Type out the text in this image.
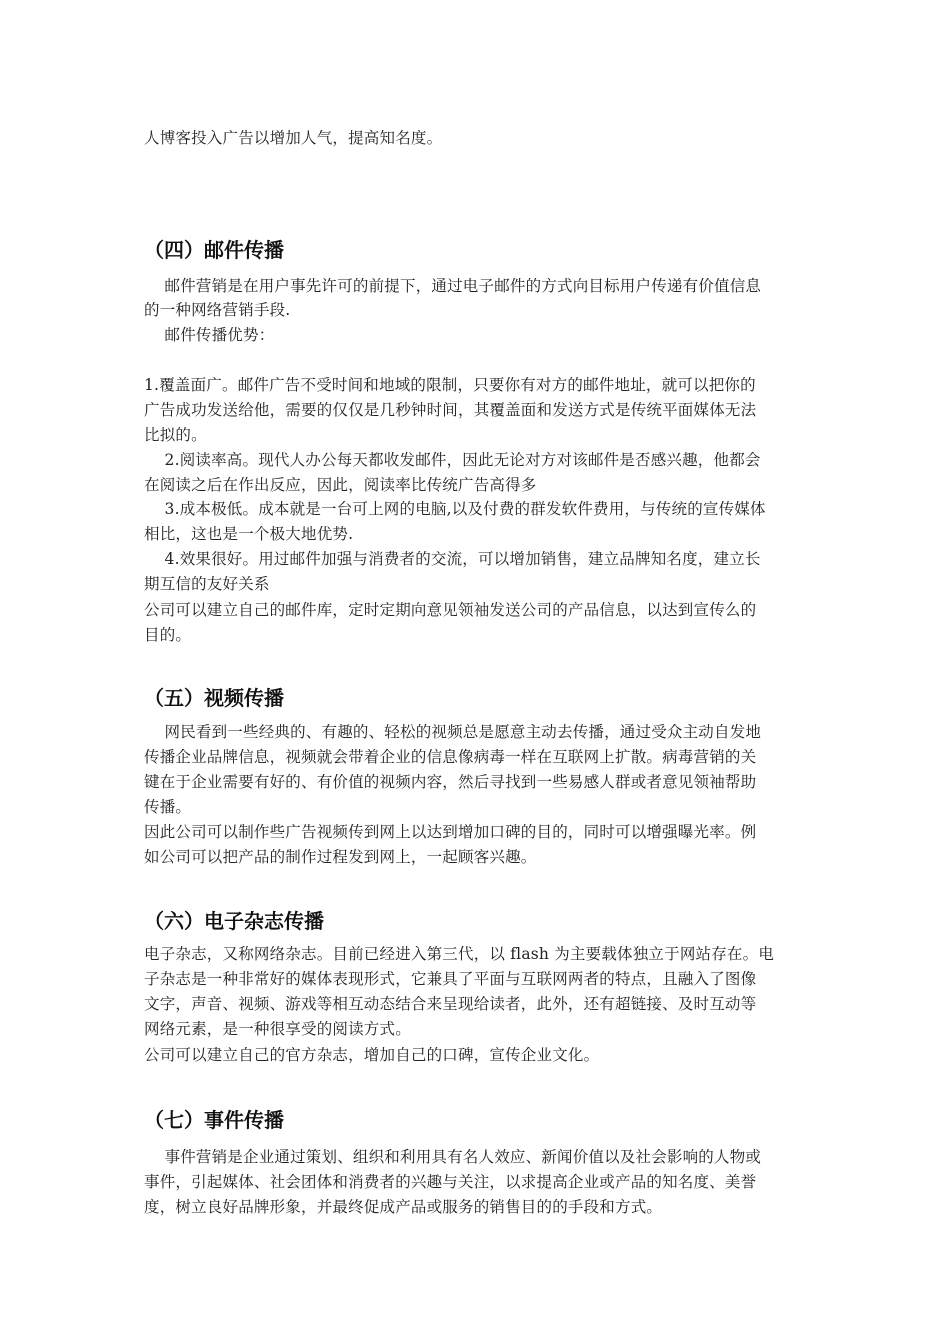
人博客投入广告以增加人气，提高知名度。
（四）邮件传播
邮件营销是在用户事先许可的前提下，通过电子邮件的方式向目标用户传递有价值信息
的一种网络营销手段.
邮件传播优势：
1.覆盖面广。邮件广告不受时间和地域的限制，只要你有对方的邮件地址，就可以把你的
广告成功发送给他，需要的仅仅是几秒钟时间，其覆盖面和发送方式是传统平面媒体无法
比拟的。
2.阅读率高。现代人办公每天都收发邮件，因此无论对方对该邮件是否感兴趣，他都会
在阅读之后在作出反应，因此，阅读率比传统广告高得多
3.成本极低。成本就是一台可上网的电脑,以及付费的群发软件费用，与传统的宣传媒体
相比，这也是一个极大地优势.
4.效果很好。用过邮件加强与消费者的交流，可以增加销售，建立品牌知名度，建立长
期互信的友好关系
公司可以建立自己的邮件库，定时定期向意见领袖发送公司的产品信息，以达到宣传么的
目的。
（五）视频传播
网民看到一些经典的、有趣的、轻松的视频总是愿意主动去传播，通过受众主动自发地
传播企业品牌信息，视频就会带着企业的信息像病毒一样在互联网上扩散。病毒营销的关
键在于企业需要有好的、有价值的视频内容，然后寻找到一些易感人群或者意见领袖帮助
传播。
因此公司可以制作些广告视频传到网上以达到增加口碑的目的，同时可以增强曝光率。例
如公司可以把产品的制作过程发到网上，一起顾客兴趣。
（六）电子杂志传播
电子杂志，又称网络杂志。目前已经进入第三代，以 flash 为主要载体独立于网站存在。电
子杂志是一种非常好的媒体表现形式，它兼具了平面与互联网两者的特点，且融入了图像
文字，声音、视频、游戏等相互动态结合来呈现给读者，此外，还有超链接、及时互动等
网络元素，是一种很享受的阅读方式。
公司可以建立自己的官方杂志，增加自己的口碑，宣传企业文化。
（七）事件传播
事件营销是企业通过策划、组织和利用具有名人效应、新闻价值以及社会影响的人物或
事件，引起媒体、社会团体和消费者的兴趣与关注，以求提高企业或产品的知名度、美誉
度，树立良好品牌形象，并最终促成产品或服务的销售目的的手段和方式。
